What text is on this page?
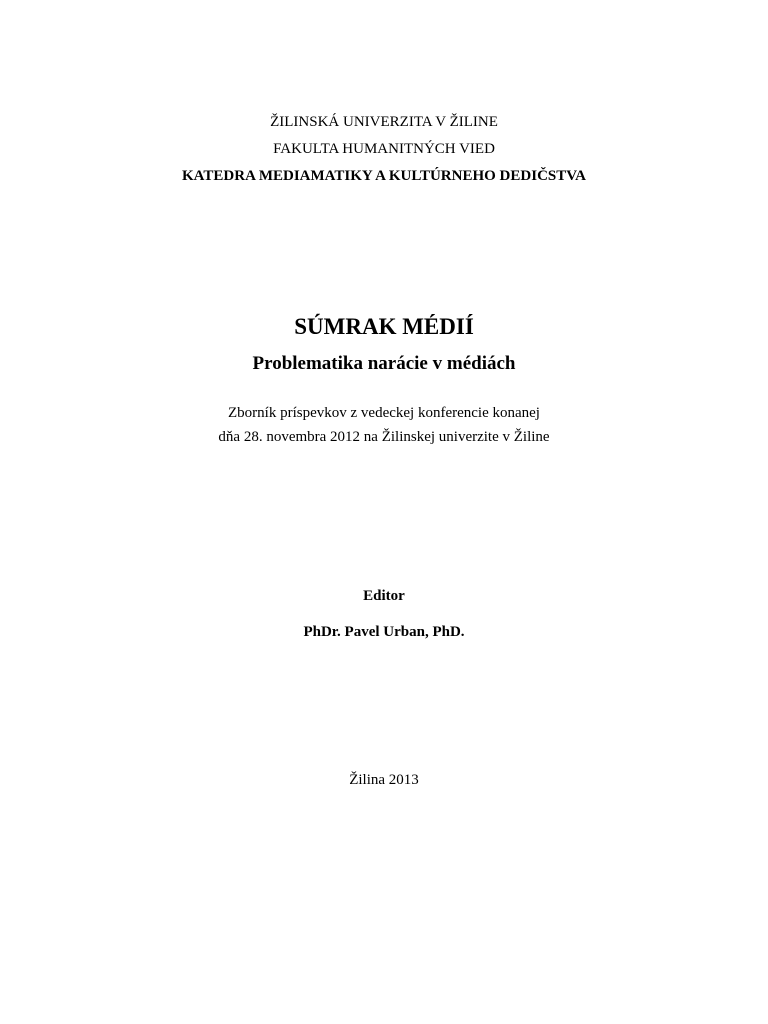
ŽILINSKÁ UNIVERZITA V ŽILINE
FAKULTA HUMANITNÝCH VIED
KATEDRA MEDIAMATIKY A KULTÚRNEHO DEDIČSTVA
SÚMRAK MÉDIÍ
Problematika narácie v médiách
Zborník príspevkov z vedeckej konferencie konanej
dňa 28. novembra 2012 na Žilinskej univerzite v Žiline
Editor
PhDr. Pavel Urban, PhD.
Žilina 2013
